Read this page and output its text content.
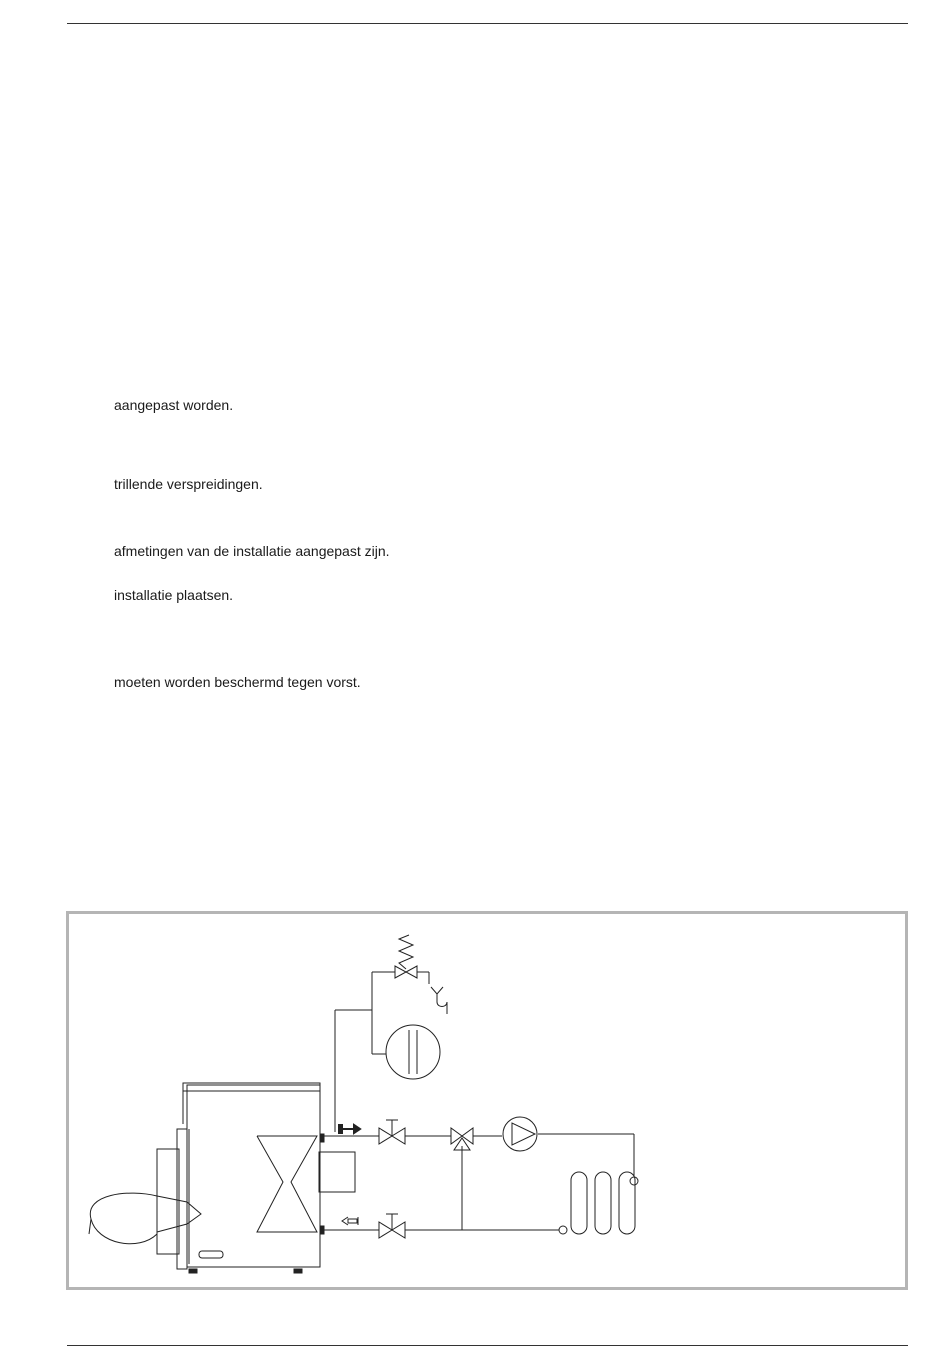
aangepast worden.
trillende verspreidingen.
afmetingen van de installatie aangepast zijn.
installatie plaatsen.
moeten worden beschermd tegen vorst.
